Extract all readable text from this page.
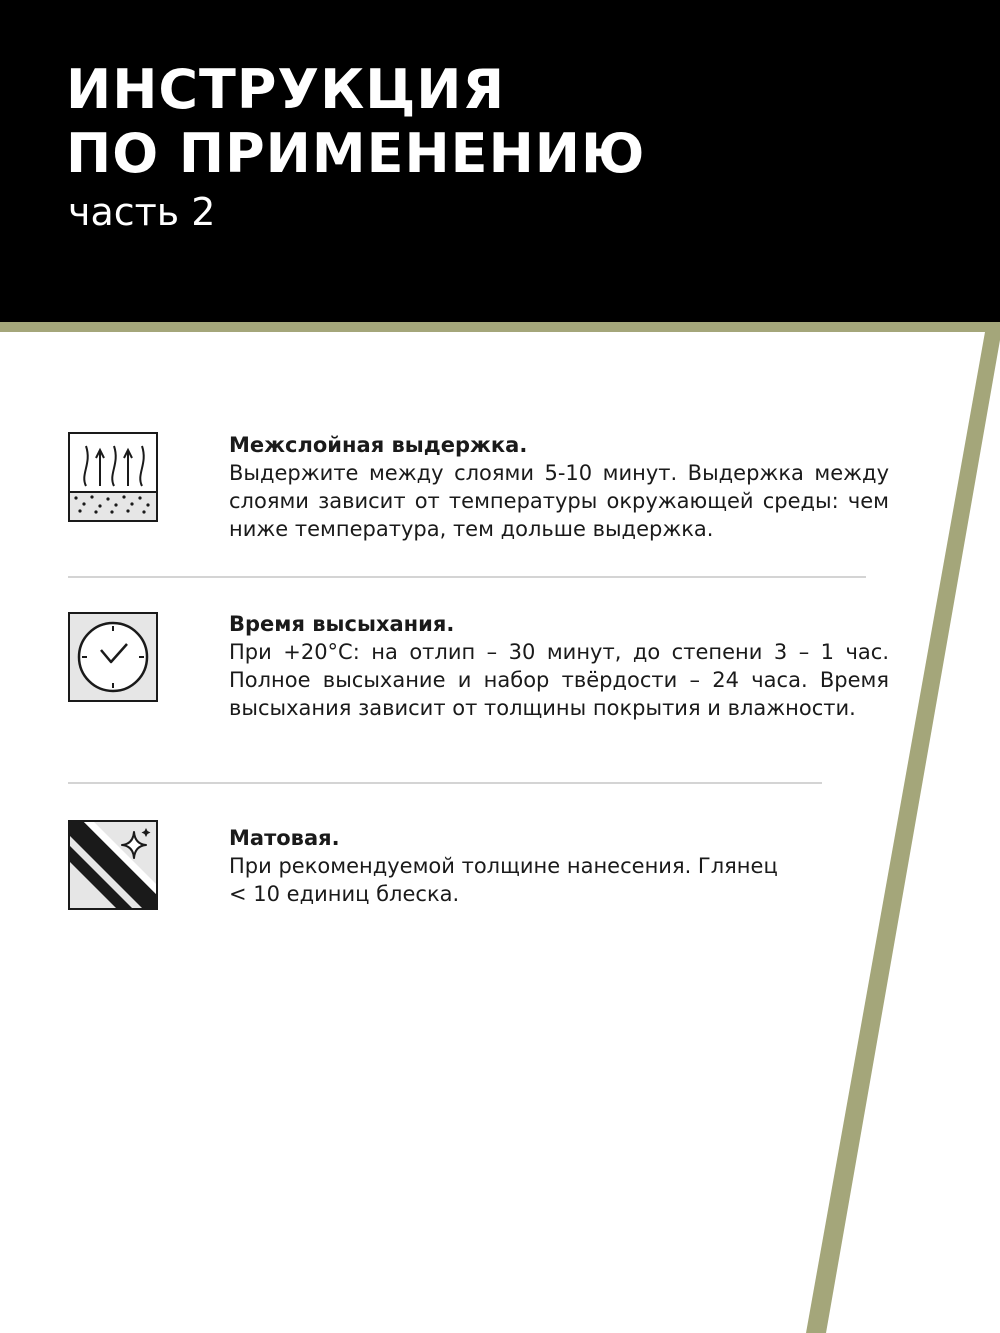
ИНСТРУКЦИЯ
ПО ПРИМЕНЕНИЮ
часть 2
Межслойная выдержка.
Выдержите между слоями 5-10 минут. Выдержка между слоями зависит от температуры окружающей среды: чем ниже температура, тем дольше выдержка.
Время высыхания.
При +20°С: на отлип – 30 минут, до степени 3 – 1 час. Полное высыхание и набор твёрдости – 24 часа. Время высыхания зависит от толщины покрытия и влажности.
Матовая.
При рекомендуемой толщине нанесения. Глянец < 10 единиц блеска.
